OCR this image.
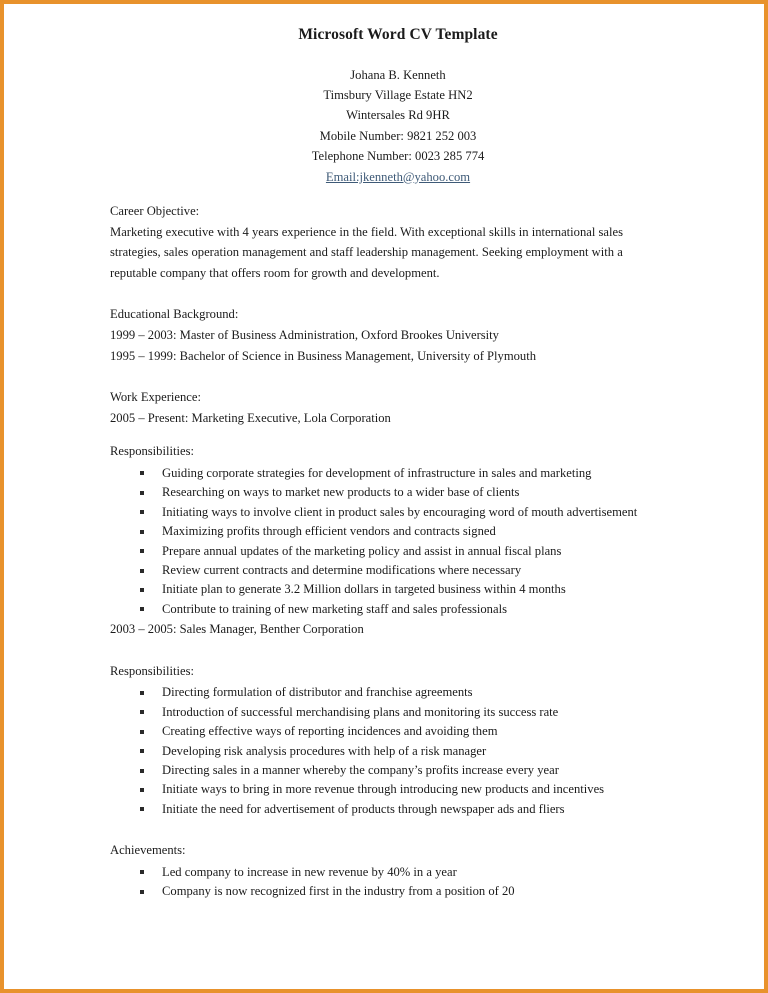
Microsoft Word CV Template
Johana B. Kenneth
Timsbury Village Estate HN2
Wintersales Rd 9HR
Mobile Number: 9821 252 003
Telephone Number: 0023 285 774
Email:jkenneth@yahoo.com
Career Objective:

Marketing executive with 4 years experience in the field. With exceptional skills in international sales strategies, sales operation management and staff leadership management. Seeking employment with a reputable company that offers room for growth and development.

Educational Background:
1999 – 2003: Master of Business Administration, Oxford Brookes University
1995 – 1999: Bachelor of Science in Business Management, University of Plymouth
Work Experience:
2005 – Present: Marketing Executive, Lola Corporation
Responsibilities:
Guiding corporate strategies for development of infrastructure in sales and marketing
Researching on ways to market new products to a wider base of clients
Initiating ways to involve client in product sales by encouraging word of mouth advertisement
Maximizing profits through efficient vendors and contracts signed
Prepare annual updates of the marketing policy and assist in annual fiscal plans
Review current contracts and determine modifications where necessary
Initiate plan to generate 3.2 Million dollars in targeted business within 4 months
Contribute to training of new marketing staff and sales professionals
2003 – 2005: Sales Manager, Benther Corporation
Responsibilities:
Directing formulation of distributor and franchise agreements
Introduction of successful merchandising plans and monitoring its success rate
Creating effective ways of reporting incidences and avoiding them
Developing risk analysis procedures with help of a risk manager
Directing sales in a manner whereby the company’s profits increase every year
Initiate ways to bring in more revenue through introducing new products and incentives
Initiate the need for advertisement of products through newspaper ads and fliers
Achievements:
Led company to increase in new revenue by 40% in a year
Company is now recognized first in the industry from a position of 20
